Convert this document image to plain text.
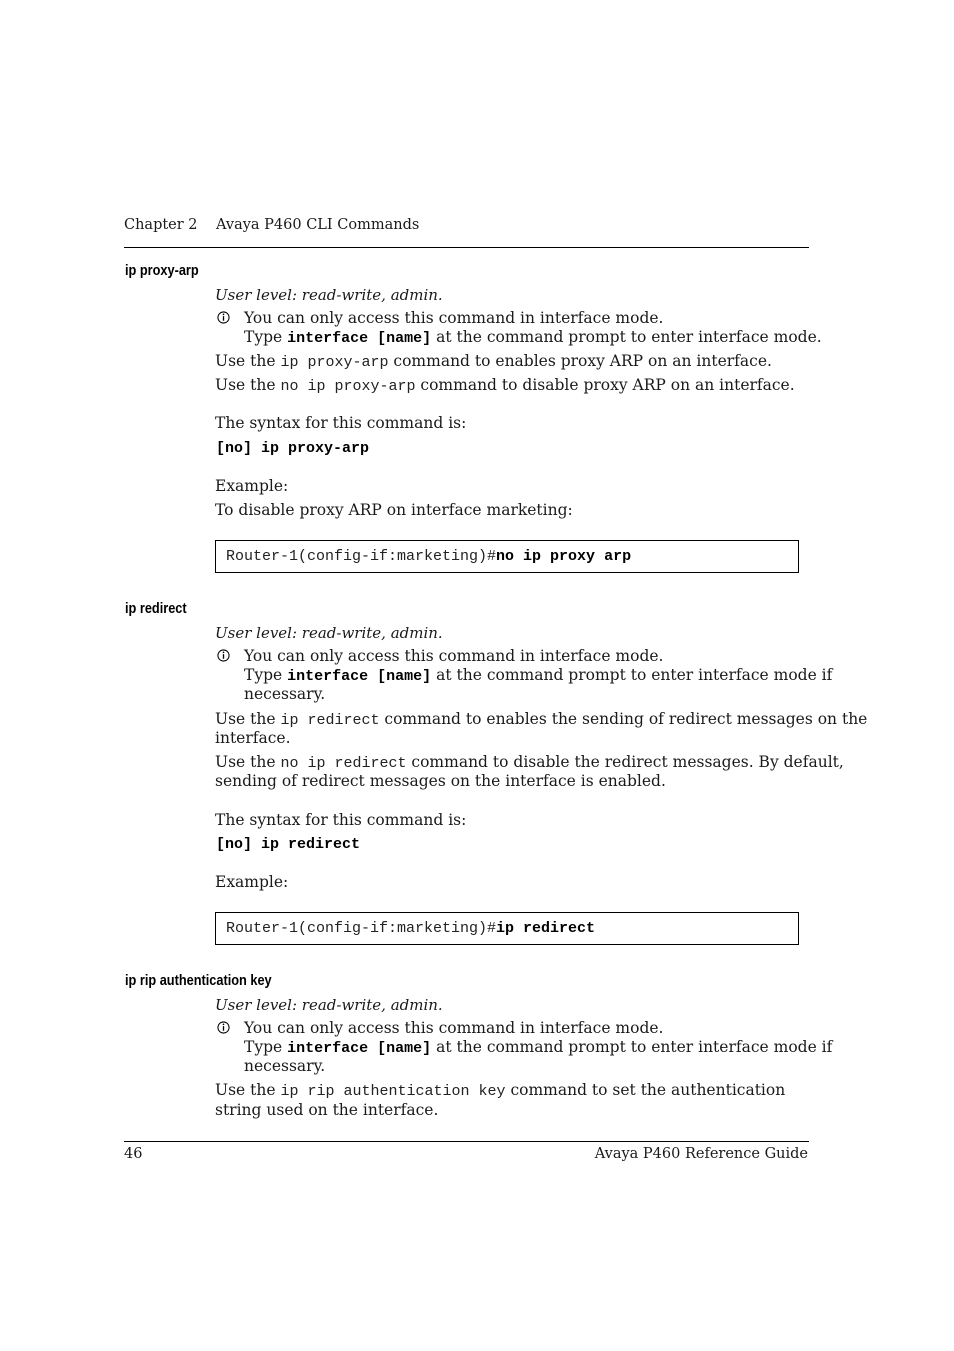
Chapter 2 Avaya P460 CLI Commands
ip proxy-arp
User level: read-write, admin.
You can only access this command in interface mode.
Type interface [name] at the command prompt to enter interface mode.
Use the ip proxy-arp command to enables proxy ARP on an interface.
Use the no ip proxy-arp command to disable proxy ARP on an interface.
The syntax for this command is:
[no] ip proxy-arp
Example:
To disable proxy ARP on interface marketing:
Router-1(config-if:marketing)#no ip proxy arp
ip redirect
User level: read-write, admin.
You can only access this command in interface mode.
Type interface [name] at the command prompt to enter interface mode if
necessary.
Use the ip redirect command to enables the sending of redirect messages on the
interface.
Use the no ip redirect command to disable the redirect messages. By default,
sending of redirect messages on the interface is enabled.
The syntax for this command is:
[no] ip redirect
Example:
Router-1(config-if:marketing)#ip redirect
ip rip authentication key
User level: read-write, admin.
You can only access this command in interface mode.
Type interface [name] at the command prompt to enter interface mode if
necessary.
Use the ip rip authentication key command to set the authentication
string used on the interface.
46	Avaya P460 Reference Guide
